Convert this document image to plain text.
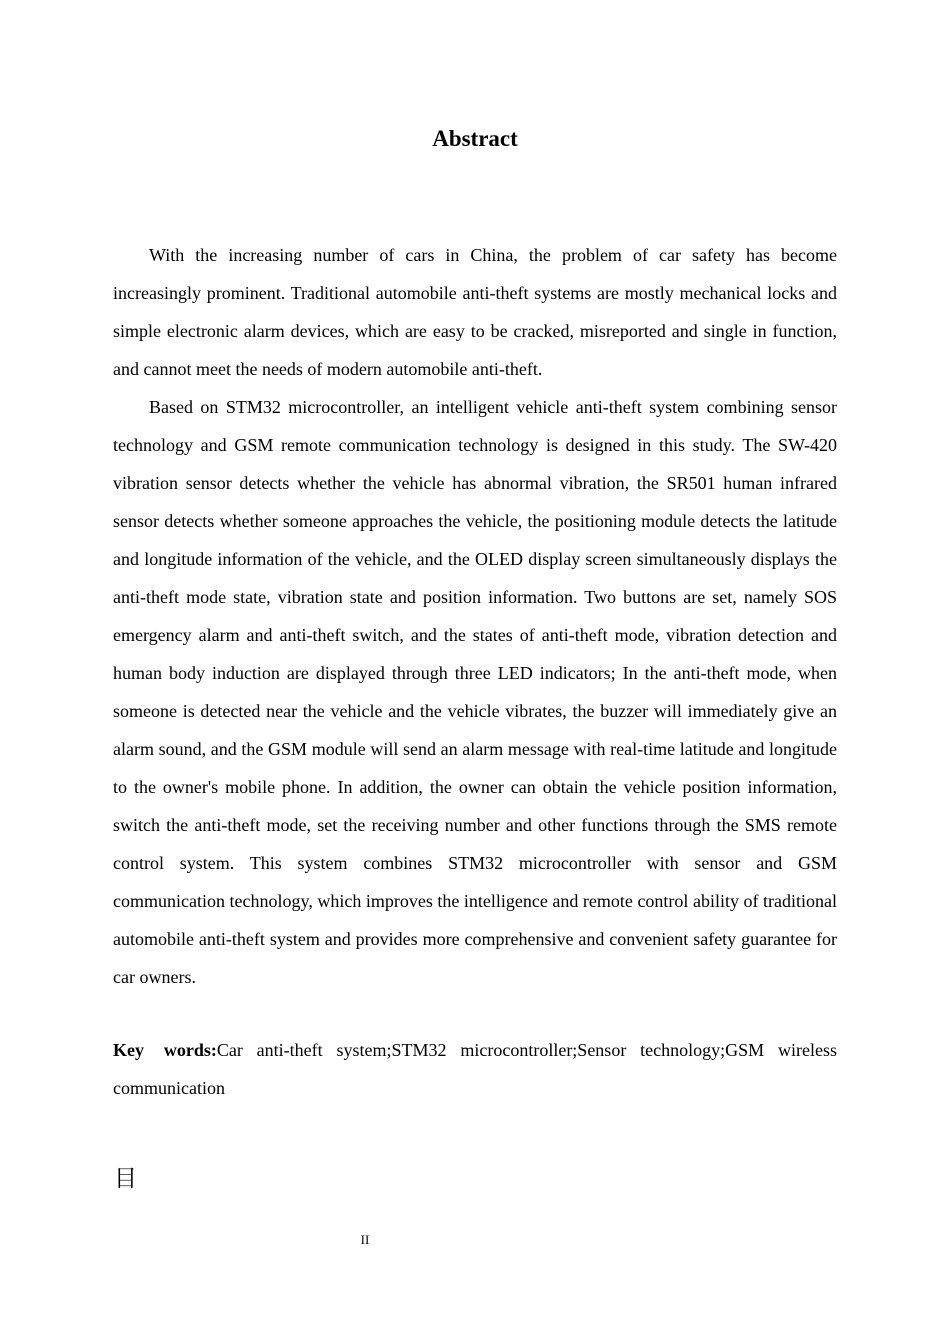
Abstract

With the increasing number of cars in China, the problem of car safety has become increasingly prominent. Traditional automobile anti-theft systems are mostly mechanical locks and simple electronic alarm devices, which are easy to be cracked, misreported and single in function, and cannot meet the needs of modern automobile anti-theft.

Based on STM32 microcontroller, an intelligent vehicle anti-theft system combining sensor technology and GSM remote communication technology is designed in this study. The SW-420 vibration sensor detects whether the vehicle has abnormal vibration, the SR501 human infrared sensor detects whether someone approaches the vehicle, the positioning module detects the latitude and longitude information of the vehicle, and the OLED display screen simultaneously displays the anti-theft mode state, vibration state and position information. Two buttons are set, namely SOS emergency alarm and anti-theft switch, and the states of anti-theft mode, vibration detection and human body induction are displayed through three LED indicators; In the anti-theft mode, when someone is detected near the vehicle and the vehicle vibrates, the buzzer will immediately give an alarm sound, and the GSM module will send an alarm message with real-time latitude and longitude to the owner's mobile phone. In addition, the owner can obtain the vehicle position information, switch the anti-theft mode, set the receiving number and other functions through the SMS remote control system. This system combines STM32 microcontroller with sensor and GSM communication technology, which improves the intelligence and remote control ability of traditional automobile anti-theft system and provides more comprehensive and convenient safety guarantee for car owners.

Key words:Car anti-theft system;STM32 microcontroller;Sensor technology;GSM wireless communication

目

II
